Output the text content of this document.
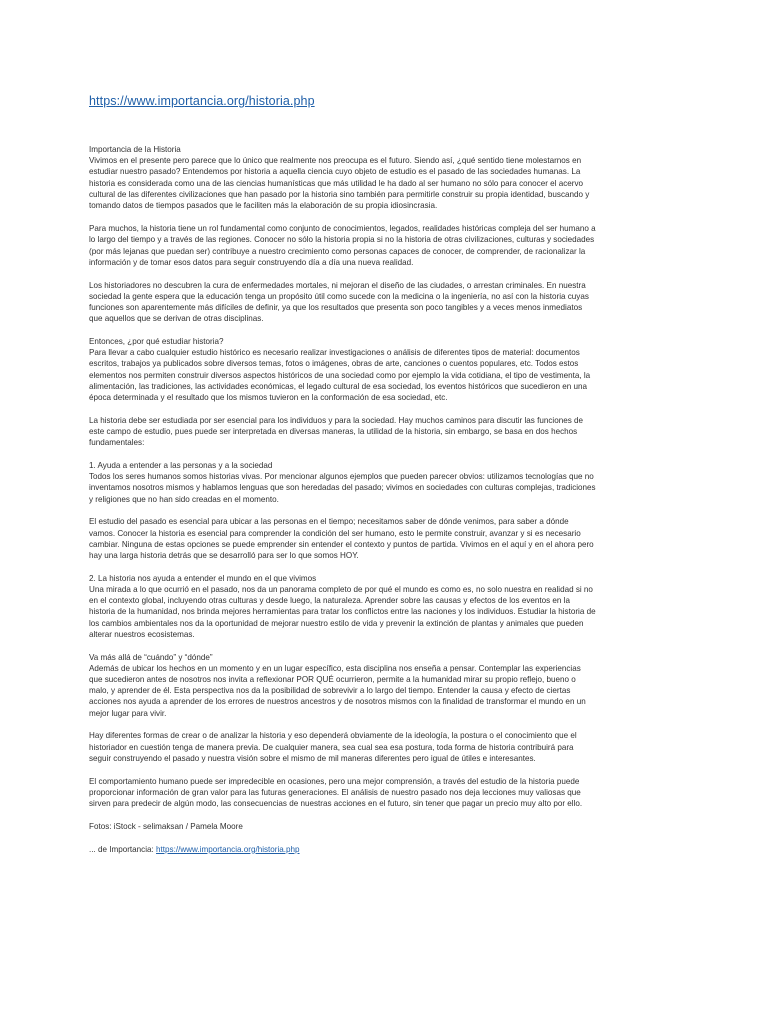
https://www.importancia.org/historia.php

Importancia de la Historia
Vivimos en el presente pero parece que lo único que realmente nos preocupa es el futuro. Siendo así, ¿qué sentido tiene molestarnos en
estudiar nuestro pasado? Entendemos por historia a aquella ciencia cuyo objeto de estudio es el pasado de las sociedades humanas. La
historia es considerada como una de las ciencias humanísticas que más utilidad le ha dado al ser humano no sólo para conocer el acervo
cultural de las diferentes civilizaciones que han pasado por la historia sino también para permitirle construir su propia identidad, buscando y
tomando datos de tiempos pasados que le faciliten más la elaboración de su propia idiosincrasia.

Para muchos, la historia tiene un rol fundamental como conjunto de conocimientos, legados, realidades históricas compleja del ser humano a
lo largo del tiempo y a través de las regiones. Conocer no sólo la historia propia si no la historia de otras civilizaciones, culturas y sociedades
(por más lejanas que puedan ser) contribuye a nuestro crecimiento como personas capaces de conocer, de comprender, de racionalizar la
información y de tomar esos datos para seguir construyendo día a día una nueva realidad.

Los historiadores no descubren la cura de enfermedades mortales, ni mejoran el diseño de las ciudades, o arrestan criminales. En nuestra
sociedad la gente espera que la educación tenga un propósito útil como sucede con la medicina o la ingeniería, no así con la historia cuyas
funciones son aparentemente más difíciles de definir, ya que los resultados que presenta son poco tangibles y a veces menos inmediatos
que aquellos que se derivan de otras disciplinas.

Entonces, ¿por qué estudiar historia?
Para llevar a cabo cualquier estudio histórico es necesario realizar investigaciones o análisis de diferentes tipos de material: documentos
escritos, trabajos ya publicados sobre diversos temas, fotos o imágenes, obras de arte, canciones o cuentos populares, etc. Todos estos
elementos nos permiten construir diversos aspectos históricos de una sociedad como por ejemplo la vida cotidiana, el tipo de vestimenta, la
alimentación, las tradiciones, las actividades económicas, el legado cultural de esa sociedad, los eventos históricos que sucedieron en una
época determinada y el resultado que los mismos tuvieron en la conformación de esa sociedad, etc.

La historia debe ser estudiada por ser esencial para los individuos y para la sociedad. Hay muchos caminos para discutir las funciones de
este campo de estudio, pues puede ser interpretada en diversas maneras, la utilidad de la historia, sin embargo, se basa en dos hechos
fundamentales:

1. Ayuda a entender a las personas y a la sociedad
Todos los seres humanos somos historias vivas. Por mencionar algunos ejemplos que pueden parecer obvios: utilizamos tecnologías que no
inventamos nosotros mismos y hablamos lenguas que son heredadas del pasado; vivimos en sociedades con culturas complejas, tradiciones
y religiones que no han sido creadas en el momento.

El estudio del pasado es esencial para ubicar a las personas en el tiempo; necesitamos saber de dónde venimos, para saber a dónde
vamos. Conocer la historia es esencial para comprender la condición del ser humano, esto le permite construir, avanzar y si es necesario
cambiar. Ninguna de estas opciones se puede emprender sin entender el contexto y puntos de partida. Vivimos en el aquí y en el ahora pero
hay una larga historia detrás que se desarrolló para ser lo que somos HOY.

2. La historia nos ayuda a entender el mundo en el que vivimos
Una mirada a lo que ocurrió en el pasado, nos da un panorama completo de por qué el mundo es como es, no solo nuestra en realidad si no
en el contexto global, incluyendo otras culturas y desde luego, la naturaleza. Aprender sobre las causas y efectos de los eventos en la
historia de la humanidad, nos brinda mejores herramientas para tratar los conflictos entre las naciones y los individuos. Estudiar la historia de
los cambios ambientales nos da la oportunidad de mejorar nuestro estilo de vida y prevenir la extinción de plantas y animales que pueden
alterar nuestros ecosistemas.

Va más allá de “cuándo” y “dónde”
Además de ubicar los hechos en un momento y en un lugar específico, esta disciplina nos enseña a pensar. Contemplar las experiencias
que sucedieron antes de nosotros nos invita a reflexionar POR QUÉ ocurrieron, permite a la humanidad mirar su propio reflejo, bueno o
malo, y aprender de él. Esta perspectiva nos da la posibilidad de sobrevivir a lo largo del tiempo. Entender la causa y efecto de ciertas
acciones nos ayuda a aprender de los errores de nuestros ancestros y de nosotros mismos con la finalidad de transformar el mundo en un
mejor lugar para vivir.

Hay diferentes formas de crear o de analizar la historia y eso dependerá obviamente de la ideología, la postura o el conocimiento que el
historiador en cuestión tenga de manera previa. De cualquier manera, sea cual sea esa postura, toda forma de historia contribuirá para
seguir construyendo el pasado y nuestra visión sobre el mismo de mil maneras diferentes pero igual de útiles e interesantes.

El comportamiento humano puede ser impredecible en ocasiones, pero una mejor comprensión, a través del estudio de la historia puede
proporcionar información de gran valor para las futuras generaciones. El análisis de nuestro pasado nos deja lecciones muy valiosas que
sirven para predecir de algún modo, las consecuencias de nuestras acciones en el futuro, sin tener que pagar un precio muy alto por ello.

Fotos: iStock - selimaksan / Pamela Moore

... de Importancia: https://www.importancia.org/historia.php
